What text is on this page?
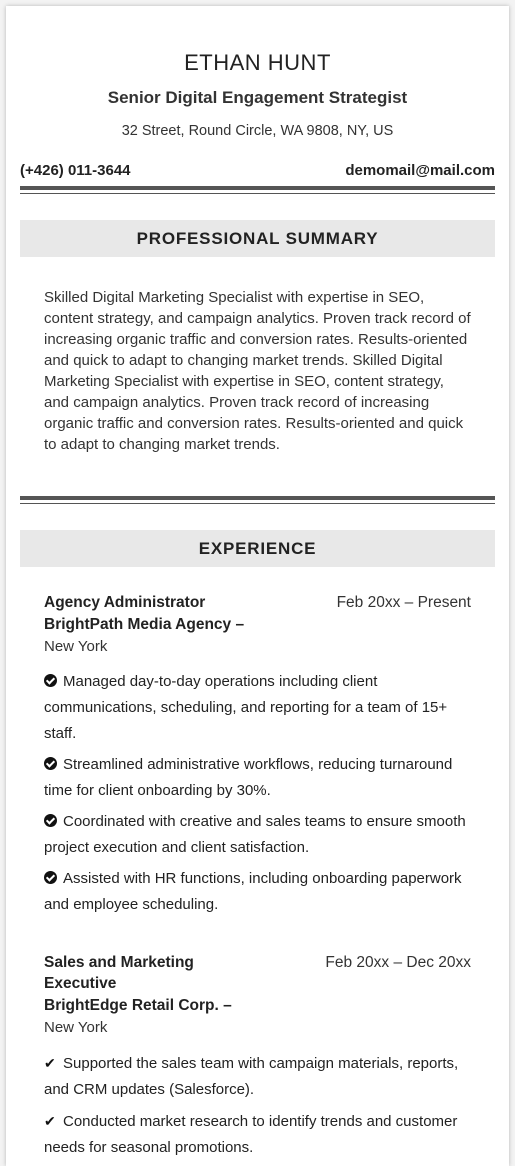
ETHAN HUNT
Senior Digital Engagement Strategist
32 Street, Round Circle, WA 9808, NY, US
(+426) 011-3644	demomail@mail.com
PROFESSIONAL SUMMARY
Skilled Digital Marketing Specialist with expertise in SEO, content strategy, and campaign analytics. Proven track record of increasing organic traffic and conversion rates. Results-oriented and quick to adapt to changing market trends. Skilled Digital Marketing Specialist with expertise in SEO, content strategy, and campaign analytics. Proven track record of increasing organic traffic and conversion rates. Results-oriented and quick to adapt to changing market trends.
EXPERIENCE
Agency Administrator	Feb 20xx – Present
BrightPath Media Agency –
New York
Managed day-to-day operations including client communications, scheduling, and reporting for a team of 15+ staff.
Streamlined administrative workflows, reducing turnaround time for client onboarding by 30%.
Coordinated with creative and sales teams to ensure smooth project execution and client satisfaction.
Assisted with HR functions, including onboarding paperwork and employee scheduling.
Sales and Marketing Executive
Feb 20xx – Dec 20xx
BrightEdge Retail Corp. –
New York
✔ Supported the sales team with campaign materials, reports, and CRM updates (Salesforce).
✔ Conducted market research to identify trends and customer needs for seasonal promotions.
